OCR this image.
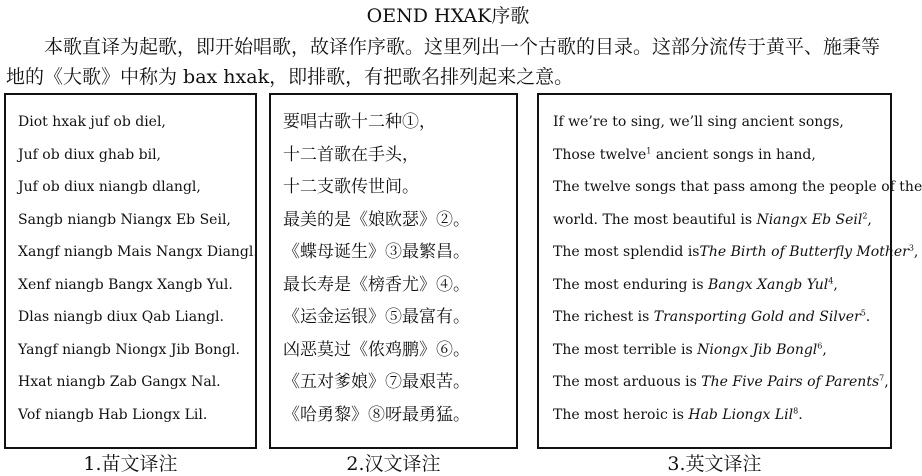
OEND HXAK序歌
本歌直译为起歌，即开始唱歌，故译作序歌。这里列出一个古歌的目录。这部分流传于黄平、施秉等地的《大歌》中称为 bax hxak，即排歌，有把歌名排列起来之意。
Diot hxak juf ob diel,
Juf ob diux ghab bil,
Juf ob diux niangb dlangl,
Sangb niangb Niangx Eb Seil,
Xangf niangb Mais Nangx Diangl.
Xenf niangb Bangx Xangb Yul.
Dlas niangb diux Qab Liangl.
Yangf niangb Niongx Jib Bongl.
Hxat niangb Zab Gangx Nal.
Vof niangb Hab Liongx Lil.
要唱古歌十二种①，
十二首歌在手头，
十二支歌传世间。
最美的是《娘欧瑟》②。
《蝶母诞生》③最繁昌。
最长寿是《榜香尤》④。
《运金运银》⑤最富有。
凶恶莫过《侬鸡鹏》⑥。
《五对爹娘》⑦最艰苦。
《哈勇黎》⑧呀最勇猛。
If we’re to sing, we’ll sing ancient songs,
Those twelve$^1$ ancient songs in hand,
The twelve songs that pass among the people of the
world. The most beautiful is Niangx Eb Seil$^2$,
The most splendid isThe Birth of Butterfly Mother$^3$,
The most enduring is Bangx Xangb Yul$^4$,
The richest is Transporting Gold and Silver$^5$.
The most terrible is Niongx Jib Bongl$^6$,
The most arduous is The Five Pairs of Parents$^7$,
The most heroic is Hab Liongx Lil$^8$.
1.苗文译注	2.汉文译注	3.英文译注
